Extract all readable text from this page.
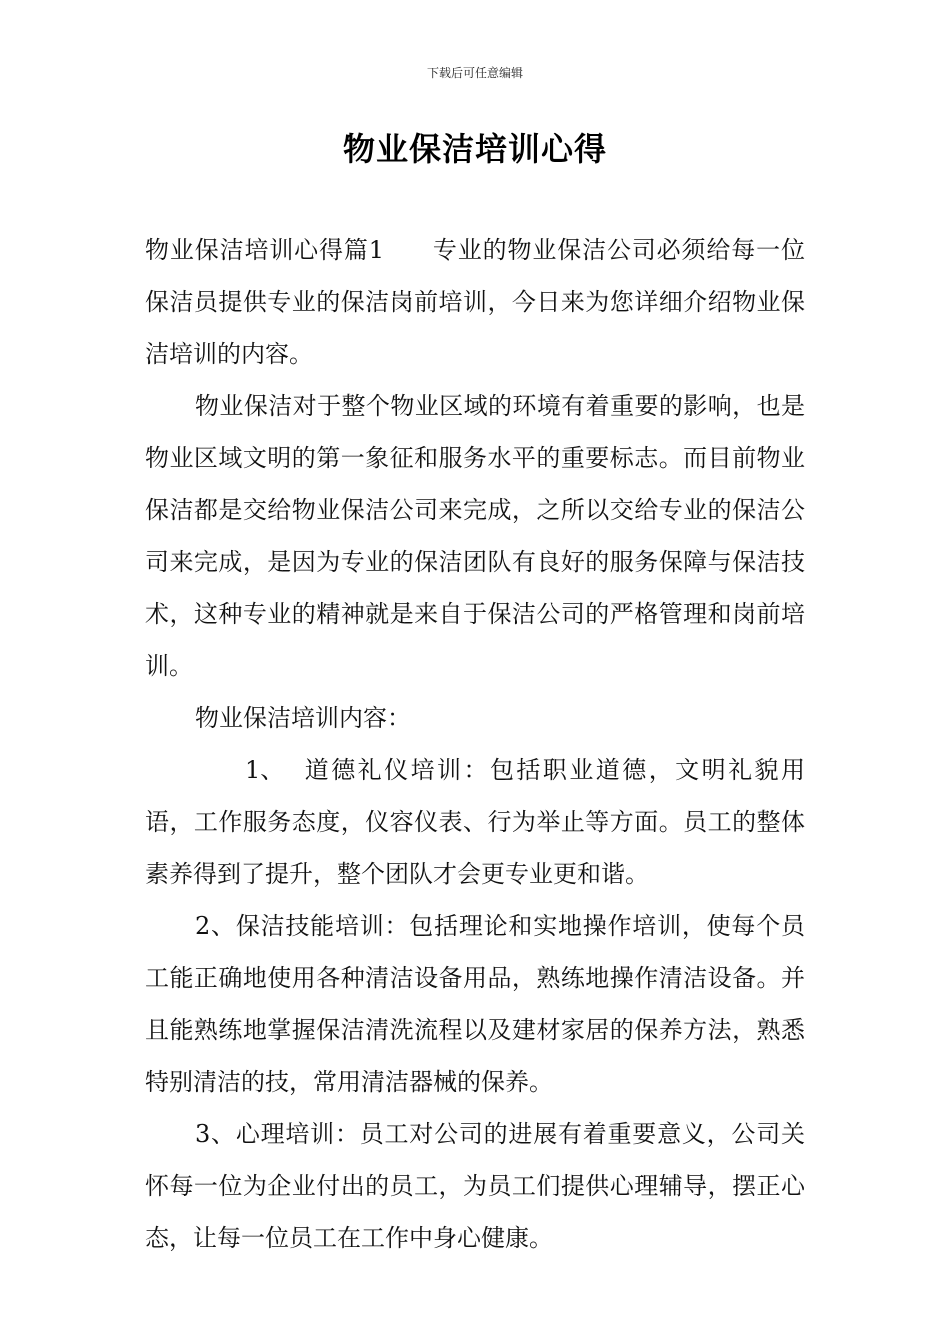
下载后可任意编辑
物业保洁培训心得

物业保洁培训心得篇1 专业的物业保洁公司必须给每一位保洁员提供专业的保洁岗前培训，今日来为您详细介绍物业保洁培训的内容。

物业保洁对于整个物业区域的环境有着重要的影响，也是物业区域文明的第一象征和服务水平的重要标志。而目前物业保洁都是交给物业保洁公司来完成，之所以交给专业的保洁公司来完成，是因为专业的保洁团队有良好的服务保障与保洁技术，这种专业的精神就是来自于保洁公司的严格管理和岗前培训。

物业保洁培训内容：

1、 道德礼仪培训：包括职业道德，文明礼貌用语，工作服务态度，仪容仪表、行为举止等方面。员工的整体素养得到了提升，整个团队才会更专业更和谐。

2、保洁技能培训：包括理论和实地操作培训，使每个员工能正确地使用各种清洁设备用品，熟练地操作清洁设备。并且能熟练地掌握保洁清洗流程以及建材家居的保养方法，熟悉特别清洁的技，常用清洁器械的保养。

3、心理培训：员工对公司的进展有着重要意义，公司关怀每一位为企业付出的员工，为员工们提供心理辅导，摆正心态，让每一位员工在工作中身心健康。
